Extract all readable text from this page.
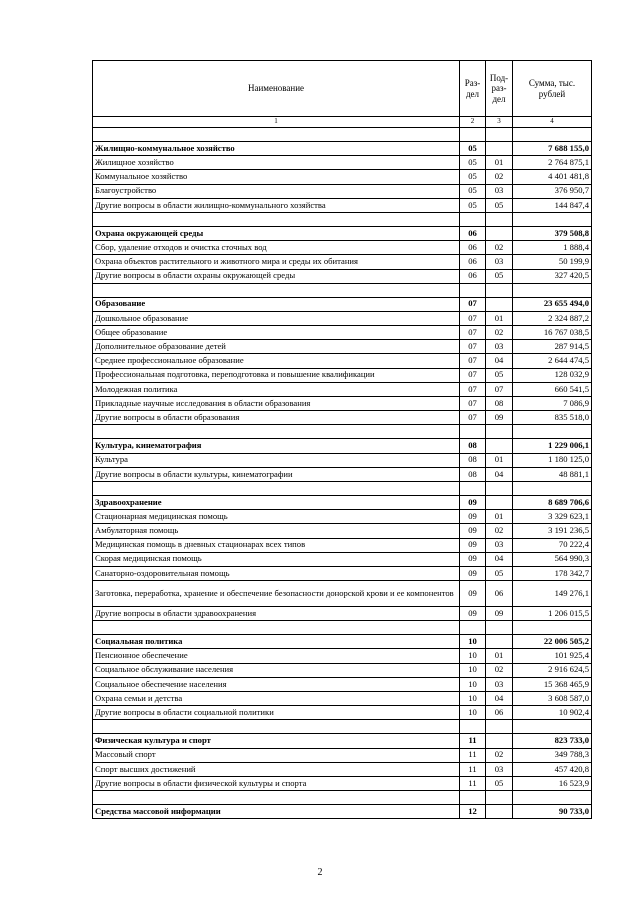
Наименование	Раз-дел	Под-раз-дел	Сумма, тыс. рублей
1	2	3	4

Жилищно-коммунальное хозяйство	05		7 688 155,0
Жилищное хозяйство	05	01	2 764 875,1
Коммунальное хозяйство	05	02	4 401 481,8
Благоустройство	05	03	376 950,7
Другие вопросы в области жилищно-коммунального хозяйства	05	05	144 847,4

Охрана окружающей среды	06		379 508,8
Сбор, удаление отходов и очистка сточных вод	06	02	1 888,4
Охрана объектов растительного и животного мира и среды их обитания	06	03	50 199,9
Другие вопросы в области охраны окружающей среды	06	05	327 420,5

Образование	07		23 655 494,0
Дошкольное образование	07	01	2 324 887,2
Общее образование	07	02	16 767 038,5
Дополнительное образование детей	07	03	287 914,5
Среднее профессиональное образование	07	04	2 644 474,5
Профессиональная подготовка, переподготовка и повышение квалификации	07	05	128 032,9
Молодежная политика	07	07	660 541,5
Прикладные научные исследования в области образования	07	08	7 086,9
Другие вопросы в области образования	07	09	835 518,0

Культура, кинематография	08		1 229 006,1
Культура	08	01	1 180 125,0
Другие вопросы в области культуры, кинематографии	08	04	48 881,1

Здравоохранение	09		8 689 706,6
Стационарная медицинская помощь	09	01	3 329 623,1
Амбулаторная помощь	09	02	3 191 236,5
Медицинская помощь в дневных стационарах всех типов	09	03	70 222,4
Скорая медицинская помощь	09	04	564 990,3
Санаторно-оздоровительная помощь	09	05	178 342,7
Заготовка, переработка, хранение и обеспечение безопасности донорской крови и ее компонентов	09	06	149 276,1
Другие вопросы в области здравоохранения	09	09	1 206 015,5

Социальная политика	10		22 006 505,2
Пенсионное обеспечение	10	01	101 925,4
Социальное обслуживание населения	10	02	2 916 624,5
Социальное обеспечение населения	10	03	15 368 465,9
Охрана семьи и детства	10	04	3 608 587,0
Другие вопросы в области социальной политики	10	06	10 902,4

Физическая культура и спорт	11		823 733,0
Массовый спорт	11	02	349 788,3
Спорт высших достижений	11	03	457 420,8
Другие вопросы в области физической культуры и спорта	11	05	16 523,9

Средства массовой информации	12		90 733,0
2
